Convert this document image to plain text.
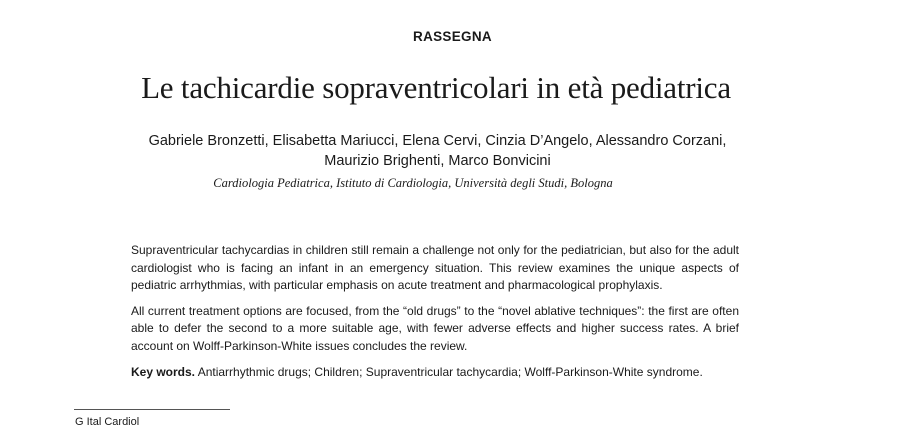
RASSEGNA
Le tachicardie sopraventricolari in età pediatrica
Gabriele Bronzetti, Elisabetta Mariucci, Elena Cervi, Cinzia D’Angelo, Alessandro Corzani,
Maurizio Brighenti, Marco Bonvicini
Cardiologia Pediatrica, Istituto di Cardiologia, Università degli Studi, Bologna

Supraventricular tachycardias in children still remain a challenge not only for the pediatrician, but also for the adult cardiologist who is facing an infant in an emergency situation. This review examines the unique aspects of pediatric arrhythmias, with particular emphasis on acute treatment and pharmacological prophylaxis.

All current treatment options are focused, from the “old drugs” to the “novel ablative techniques”: the first are often able to defer the second to a more suitable age, with fewer adverse effects and higher success rates. A brief account on Wolff-Parkinson-White issues concludes the review.

Key words. Antiarrhythmic drugs; Children; Supraventricular tachycardia; Wolff-Parkinson-White syndrome.

G Ital Cardiol
